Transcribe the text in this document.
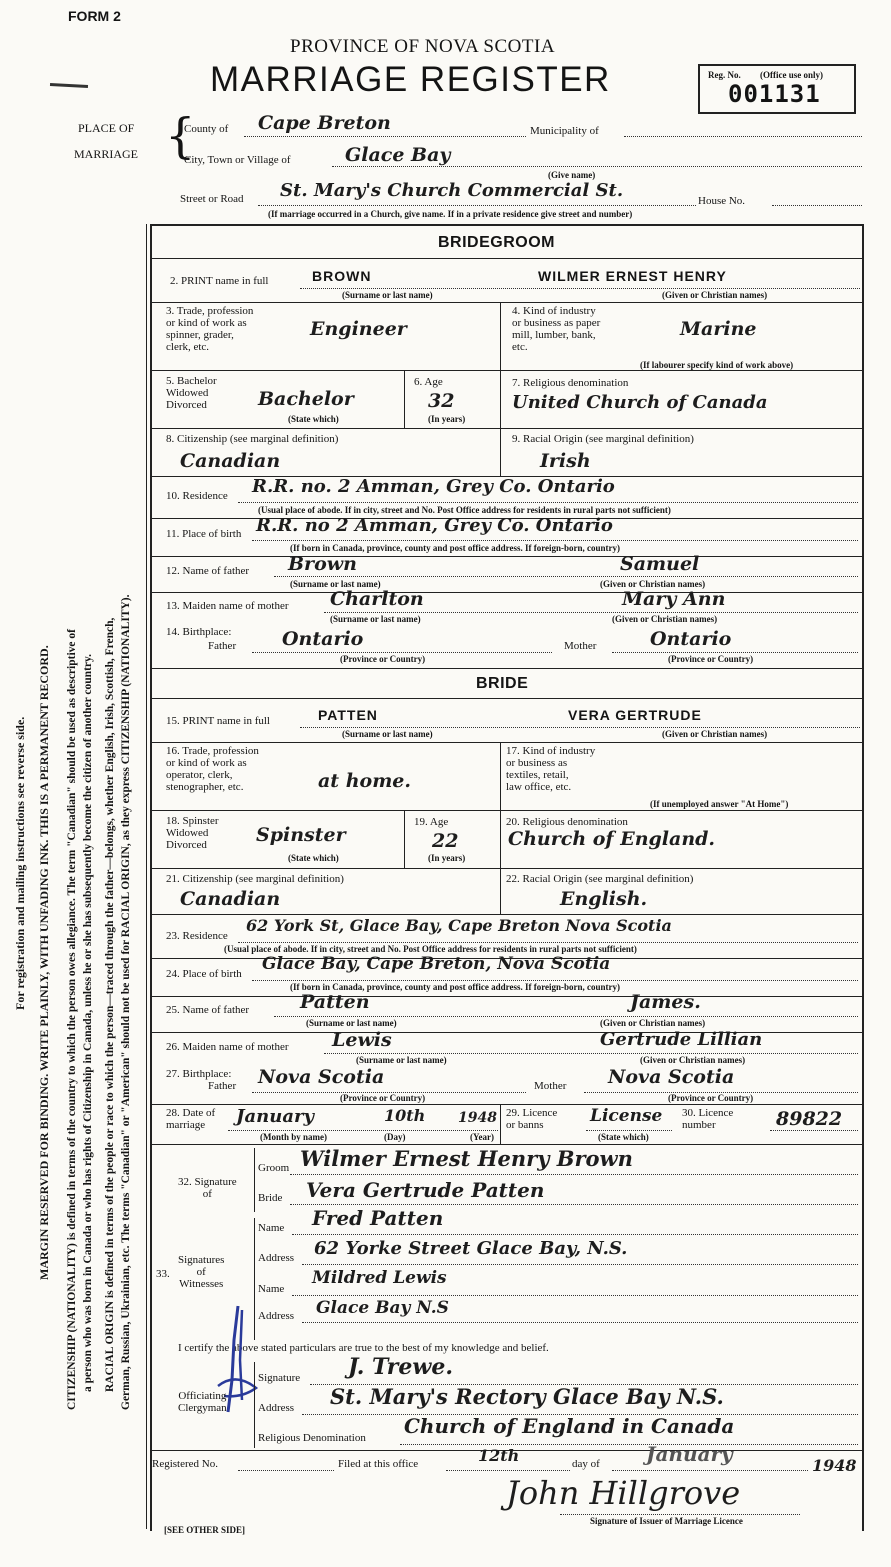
FORM 2
PROVINCE OF NOVA SCOTIA
MARRIAGE REGISTER	Reg. No. (Office use only)
001131
PLACE OF
MARRIAGE {
County of Cape Breton	Municipality of
City, Town or Village of	Glace Bay
(Give name)
Street or Road St. Mary's Church Commercial St.	House No.
(If marriage occurred in a Church, give name. If in a private residence give street and number)
For registration and mailing instructions see reverse side. MARGIN RESERVED FOR BINDING. WRITE PLAINLY, WITH UNFADING INK. THIS IS A PERMANENT RECORD. CITIZENSHIP (NATIONALITY) is defined in terms of the country to which the person owes allegiance. The term "Canadian" should be used as descriptive of a person who was born in Canada or who has rights of Citizenship in Canada, unless he or she has subsequently become the citizen of another country. RACIAL ORIGIN is defined in terms of the people or race to which the person—traced through the father—belongs, whether English, Irish, Scottish, French, German, Russian, Ukrainian, etc. The terms "Canadian" or "American" should not be used for RACIAL ORIGIN, as they express CITIZENSHIP (NATIONALITY).
BRIDEGROOM
2. PRINT name in full	BROWN	WILMER ERNEST HENRY
(Surname or last name)	(Given or Christian names)
3. Trade, profession
or kind of work as
spinner, grader,
clerk, etc.
Engineer
4. Kind of industry
or business as paper
mill, lumber, bank,
etc.
Marine
(If labourer specify kind of work above)
5. Bachelor
Widowed
Divorced	Bachelor
(State which)
6. Age
32
(In years)
7. Religious denomination
United Church of Canada
8. Citizenship (see marginal definition)
Canadian
9. Racial Origin (see marginal definition)
Irish
10. Residence R.R. no. 2 Amman, Grey Co. Ontario
(Usual place of abode. If in city, street and No. Post Office address for residents in rural parts not sufficient)
11. Place of birth R.R. no 2 Amman, Grey Co. Ontario
(If born in Canada, province, county and post office address. If foreign-born, country)
12. Name of father Brown	Samuel
(Surname or last name)	(Given or Christian names)
13. Maiden name of mother Charlton	Mary Ann
(Surname or last name)	(Given or Christian names)
14. Birthplace:
Father Ontario
(Province or Country)
Mother	Ontario
(Province or Country)
BRIDE
15. PRINT name in full	PATTEN	VERA GERTRUDE
(Surname or last name)	(Given or Christian names)
16. Trade, profession
or kind of work as
operator, clerk,
stenographer, etc.	at home.
17. Kind of industry
or business as
textiles, retail,
law office, etc.
(If unemployed answer "At Home")
18. Spinster
Widowed
Divorced	Spinster
(State which)
19. Age
22
(In years)
20. Religious denomination
Church of England.
21. Citizenship (see marginal definition)
Canadian
22. Racial Origin (see marginal definition)
English.
23. Residence
62 York St, Glace Bay, Cape Breton Nova Scotia
(Usual place of abode. If in city, street and No. Post Office address for residents in rural parts not sufficient)
24. Place of birth Glace Bay, Cape Breton, Nova Scotia
(If born in Canada, province, county and post office address. If foreign-born, country)
25. Name of father	Patten	James.
(Surname or last name)	(Given or Christian names)
26. Maiden name of mother Lewis	Gertrude Lillian
(Surname or last name)	(Given or Christian names)
27. Birthplace:
Father Nova Scotia
(Province or Country)
Mother Nova Scotia
(Province or Country)
28. Date of
marriage	January	10th 1948
(Month by name)	(Day)	(Year)
29. Licence
or banns	License
(State which)
30. Licence
number	89822
32. Signature
of
Groom Wilmer Ernest Henry Brown
Bride Vera Gertrude Patten
Signatures
of
Witnesses
33.
Name Fred Patten
Address 62 Yorke Street Glace Bay, N.S.
Name
Mildred Lewis
Address Glace Bay N.S
I certify the above stated particulars are true to the best of my knowledge and belief.
Officiating
Clergyman
Signature J. Trewe.
Address St. Mary's Rectory Glace Bay N.S.
Religious Denomination Church of England in Canada
Registered No.	Filed at this office	12th	day of January	1948
John Hillgrove
Signature of Issuer of Marriage Licence
[SEE OTHER SIDE]
